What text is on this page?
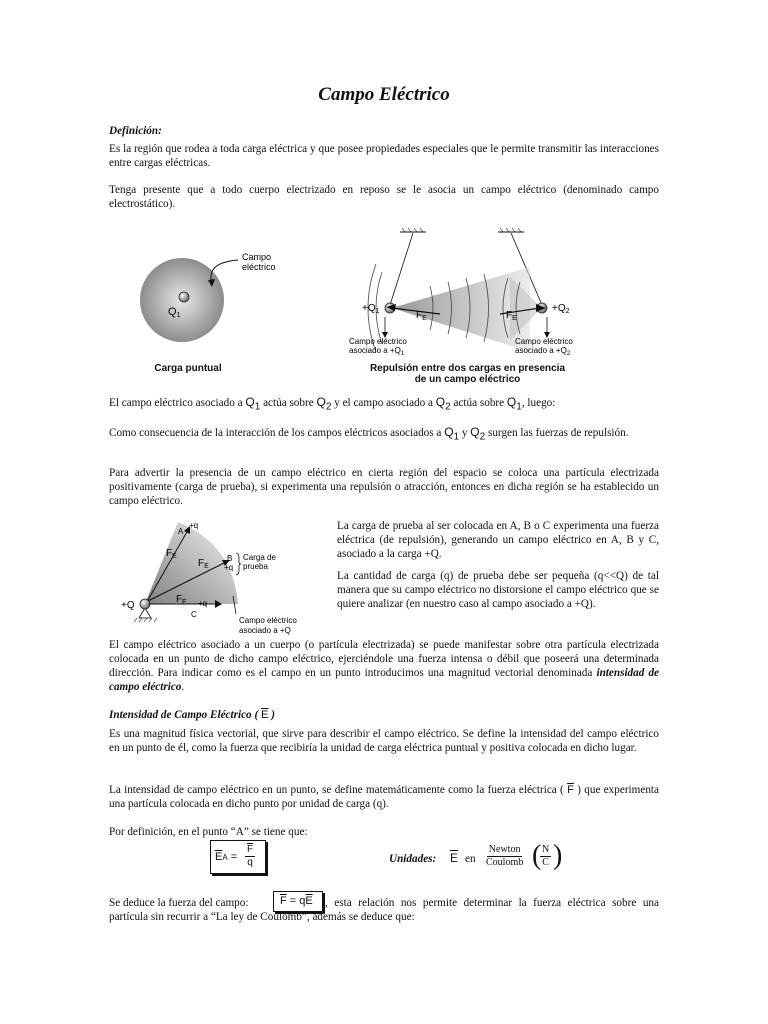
Campo Eléctrico
Definición:

Es la región que rodea a toda carga eléctrica y que posee propiedades especiales que le permite transmitir las interacciones entre cargas eléctricas.

Tenga presente que a todo cuerpo electrizado en reposo se le asocia un campo eléctrico (denominado campo electrostático).

Q1
Campo
eléctrico
Carga puntual
$+Q_1$	$+Q_2$
$F_E$	$F_E$
Campo eléctrico
asociado $a +Q_1$
Campo eléctrico
asociado $a +Q_2$
Repulsión entre dos cargas en presencia
de un campo eléctrico

El campo eléctrico asociado a $Q_1$ actúa sobre $Q_2$ y el campo asociado a $Q_2$ actúa sobre $Q_1$, luego:

Como consecuencia de la interacción de los campos eléctricos asociados a $Q_1$ y $Q_2$ surgen las fuerzas de repulsión.

Para advertir la presencia de un campo eléctrico en cierta región del espacio se coloca una partícula electrizada positivamente (carga de prueba), si experimenta una repulsión o atracción, entonces en dicha región se ha establecido un campo eléctrico.

+Q
A
+q
B
+q
C
+q
$F_E$
$F_E$
$F_E$
Carga de
prueba
Campo eléctrico
asociado a +Q

La carga de prueba al ser colocada en A, B o C experimenta una fuerza eléctrica (de repulsión), generando un campo eléctrico en A, B y C, asociado a la carga +Q.

La cantidad de carga (q) de prueba debe ser pequeña (q<<Q) de tal manera que su campo eléctrico no distorsione el campo eléctrico que se quiere analizar (en nuestro caso al campo asociado a +Q).

El campo eléctrico asociado a un cuerpo (o partícula electrizada) se puede manifestar sobre otra partícula electrizada colocada en un punto de dicho campo eléctrico, ejerciéndole una fuerza intensa o débil que poseerá una determinada dirección. Para indicar como es el campo en un punto introducimos una magnitud vectorial denominada intensidad de campo eléctrico.

Intensidad de Campo Eléctrico ( $\overline{E}$ )

Es una magnitud física vectorial, que sirve para describir el campo eléctrico. Se define la intensidad del campo eléctrico en un punto de él, como la fuerza que recibiría la unidad de carga eléctrica puntual y positiva colocada en dicho lugar.

La intensidad de campo eléctrico en un punto, se define matemáticamente como la fuerza eléctrica ( $\overline{F}$ ) que experimenta una partícula colocada en dicho punto por unidad de carga (q).

Por definición, en el punto “A” se tiene que:

$\overline{E}A = \frac{\overline{F}}{q}$	Unidades: $\overline{E}$ en
Newton
Coulomb (
$\frac{N}{C}$ )
Se deduce la fuerza del campo:	$\overline{F} = q\overline{E}$	, esta relación nos permite determinar la fuerza eléctrica sobre una partícula sin recurrir a “La ley de Coulomb”, además se deduce que:
